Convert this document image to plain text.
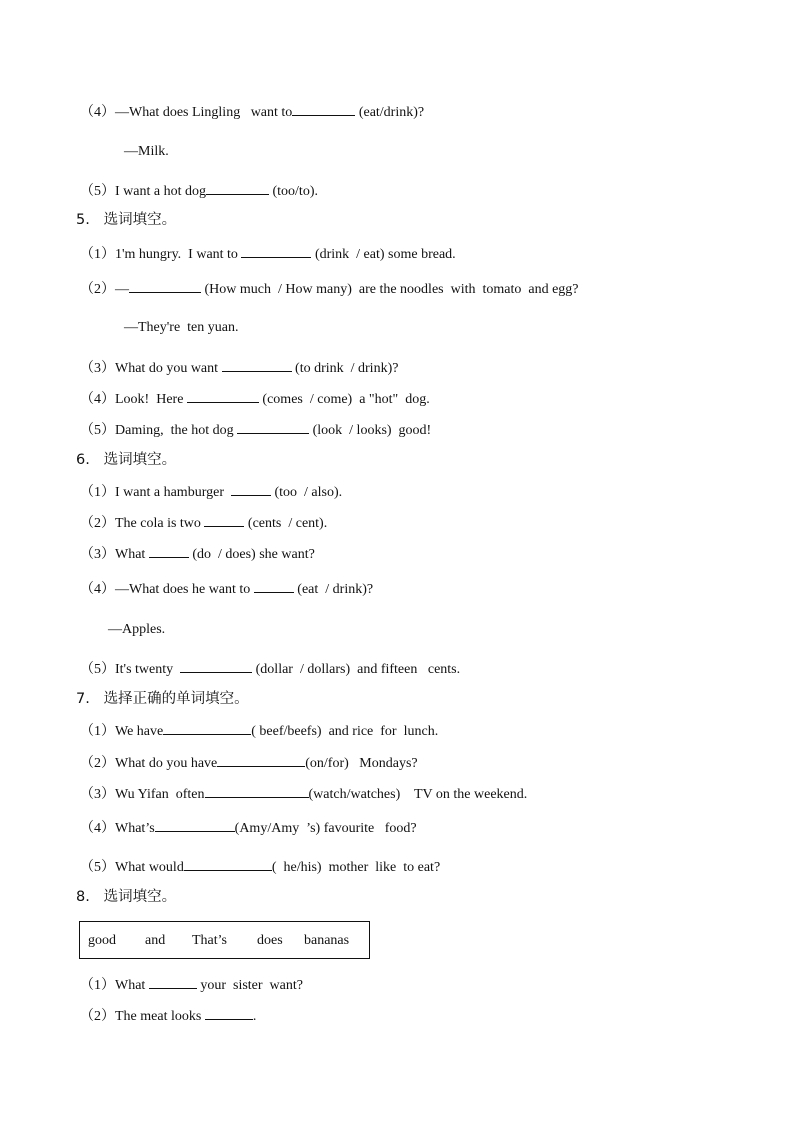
（4）—What does Lingling   want to	(eat/drink)?
—Milk.
（5）I want a hot dog	(too/to).
5.   选词填空。
（1）1'm hungry.  I want to	(drink  / eat) some bread.
（2）—	(How much  / How many)  are the noodles  with  tomato  and egg?
—They're  ten yuan.
（3）What do you want	(to drink  / drink)?
（4）Look!  Here	(comes  / come)  a "hot"  dog.
（5）Daming,  the hot dog	(look  / looks)  good!
6.   选词填空。
（1）I want a hamburger	(too  / also).
（2）The cola is two	(cents  / cent).
（3）What	(do  / does) she want?
（4）—What does he want to	(eat  / drink)?
—Apples.
（5）It's twenty	(dollar  / dollars)  and fifteen   cents.
7.   选择正确的单词填空。
（1）We have	( beef/beefs)  and rice  for  lunch.
（2）What do you have	(on/for)   Mondays?
（3）Wu Yifan  often	(watch/watches)    TV on the weekend.
（4）What’s	(Amy/Amy  ’s) favourite   food?
（5）What would	(  he/his)  mother  like  to eat?
8.   选词填空。
good and That’s does bananas
（1）What	your  sister  want?
（2）The meat looks	.
